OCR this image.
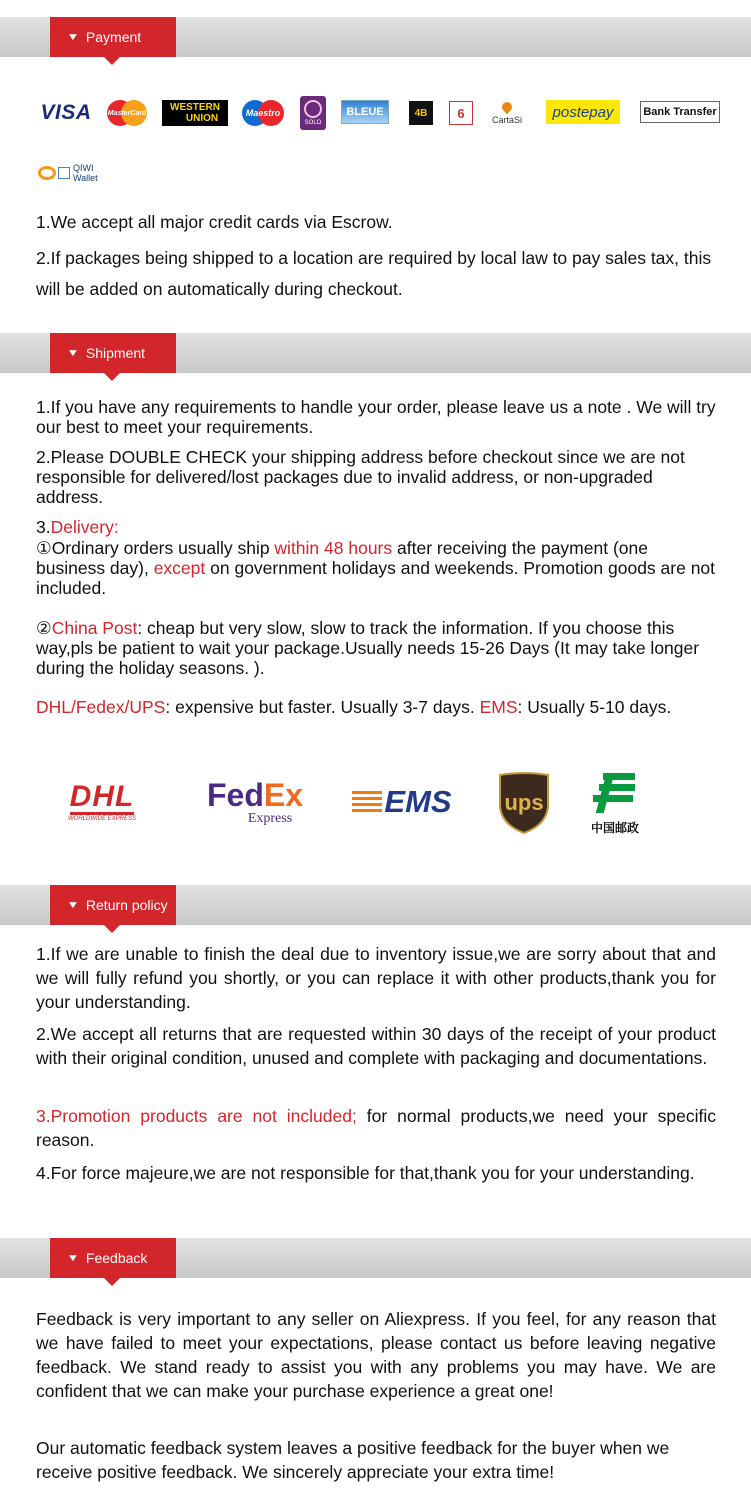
▼ Payment
VISA MasterCard WESTERN
UNION	Maestro
SOLO
BLEUE	4B 6	CartaSi postepay	Bank Transfer
QIWI
Wallet
1.We accept all major credit cards via Escrow.
2.If packages being shipped to a location are required by local law to pay sales tax, this will be added on automatically during checkout.
▼ Shipment
1.If you have any requirements to handle your order, please leave us a note . We will try our best to meet your requirements.
2.Please DOUBLE CHECK your shipping address before checkout since we are not responsible for delivered/lost packages due to invalid address, or non-upgraded address.
3.Delivery:
①Ordinary orders usually ship within 48 hours after receiving the payment (one business day), except on government holidays and weekends. Promotion goods are not included.
②China Post: cheap but very slow, slow to track the information. If you choose this way,pls be patient to wait your package.Usually needs 15-26 Days (It may take longer during the holiday seasons. ).
DHL/Fedex/UPS: expensive but faster. Usually 3-7 days. EMS: Usually 5-10 days.
DHL
WORLDWIDE EXPRESS
FedEx
Express	EMS ups
中国邮政
▼ Return policy
1.If we are unable to finish the deal due to inventory issue,we are sorry about that and we will fully refund you shortly, or you can replace it with other products,thank you for your understanding.
2.We accept all returns that are requested within 30 days of the receipt of your product with their original condition, unused and complete with packaging and documentations.
3.Promotion products are not included; for normal products,we need your specific reason.
4.For force majeure,we are not responsible for that,thank you for your understanding.
▼ Feedback
Feedback is very important to any seller on Aliexpress. If you feel, for any reason that we have failed to meet your expectations, please contact us before leaving negative feedback. We stand ready to assist you with any problems you may have. We are confident that we can make your purchase experience a great one!
Our automatic feedback system leaves a positive feedback for the buyer when we receive positive feedback. We sincerely appreciate your extra time!
